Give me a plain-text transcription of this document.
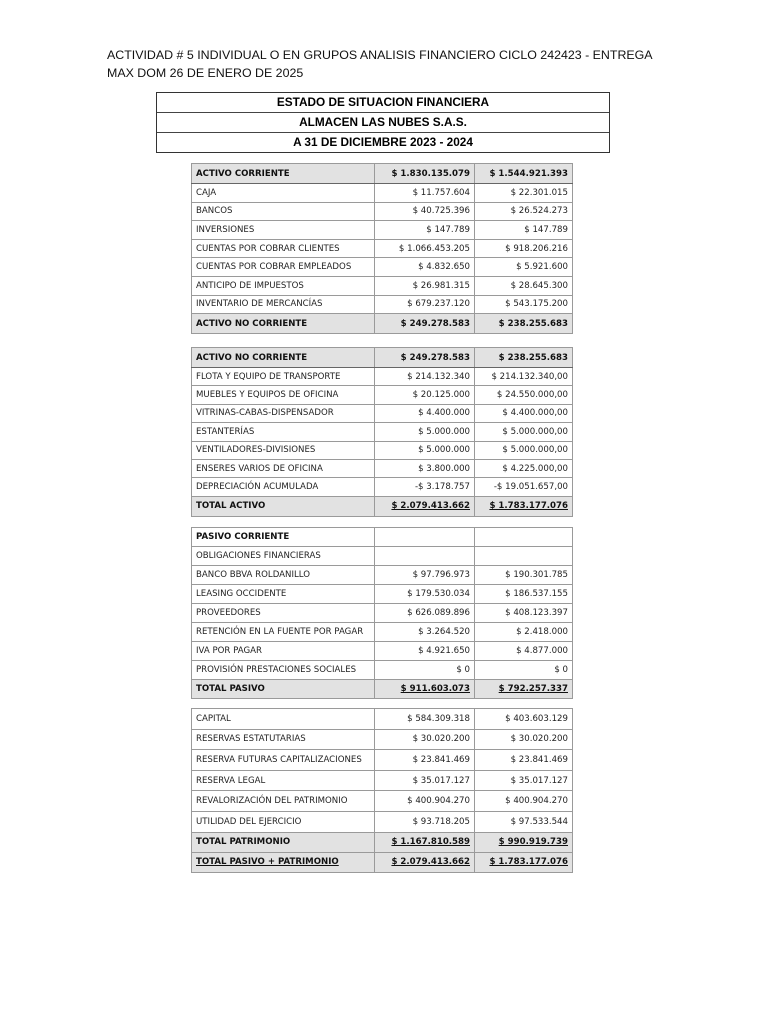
ACTIVIDAD # 5 INDIVIDUAL O EN GRUPOS ANALISIS FINANCIERO CICLO 242423 - ENTREGA MAX DOM 26 DE ENERO DE 2025
ESTADO DE SITUACION FINANCIERA
ALMACEN LAS NUBES S.A.S.
A 31 DE DICIEMBRE 2023 - 2024
ACTIVO CORRIENTE	$ 1.830.135.079	$ 1.544.921.393
CAJA	$ 11.757.604	$ 22.301.015
BANCOS	$ 40.725.396	$ 26.524.273
INVERSIONES	$ 147.789	$ 147.789
CUENTAS POR COBRAR CLIENTES	$ 1.066.453.205	$ 918.206.216
CUENTAS POR COBRAR EMPLEADOS	$ 4.832.650	$ 5.921.600
ANTICIPO DE IMPUESTOS	$ 26.981.315	$ 28.645.300
INVENTARIO DE MERCANCÍAS	$ 679.237.120	$ 543.175.200
ACTIVO NO CORRIENTE	$ 249.278.583	$ 238.255.683
ACTIVO NO CORRIENTE	$ 249.278.583	$ 238.255.683
FLOTA Y EQUIPO DE TRANSPORTE	$ 214.132.340	$ 214.132.340,00
MUEBLES Y EQUIPOS DE OFICINA	$ 20.125.000	$ 24.550.000,00
VITRINAS-CABAS-DISPENSADOR	$ 4.400.000	$ 4.400.000,00
ESTANTERÍAS	$ 5.000.000	$ 5.000.000,00
VENTILADORES-DIVISIONES	$ 5.000.000	$ 5.000.000,00
ENSERES VARIOS DE OFICINA	$ 3.800.000	$ 4.225.000,00
DEPRECIACIÓN ACUMULADA	-$ 3.178.757	-$ 19.051.657,00
TOTAL ACTIVO	$ 2.079.413.662	$ 1.783.177.076
PASIVO CORRIENTE		
OBLIGACIONES FINANCIERAS		
BANCO BBVA ROLDANILLO	$ 97.796.973	$ 190.301.785
LEASING OCCIDENTE	$ 179.530.034	$ 186.537.155
PROVEEDORES	$ 626.089.896	$ 408.123.397
RETENCIÓN EN LA FUENTE POR PAGAR	$ 3.264.520	$ 2.418.000
IVA POR PAGAR	$ 4.921.650	$ 4.877.000
PROVISIÓN PRESTACIONES SOCIALES	$ 0	$ 0
TOTAL PASIVO	$ 911.603.073	$ 792.257.337
CAPITAL	$ 584.309.318	$ 403.603.129
RESERVAS ESTATUTARIAS	$ 30.020.200	$ 30.020.200
RESERVA FUTURAS CAPITALIZACIONES	$ 23.841.469	$ 23.841.469
RESERVA LEGAL	$ 35.017.127	$ 35.017.127
REVALORIZACIÓN DEL PATRIMONIO	$ 400.904.270	$ 400.904.270
UTILIDAD DEL EJERCICIO	$ 93.718.205	$ 97.533.544
TOTAL PATRIMONIO	$ 1.167.810.589	$ 990.919.739
TOTAL PASIVO + PATRIMONIO	$ 2.079.413.662	$ 1.783.177.076
